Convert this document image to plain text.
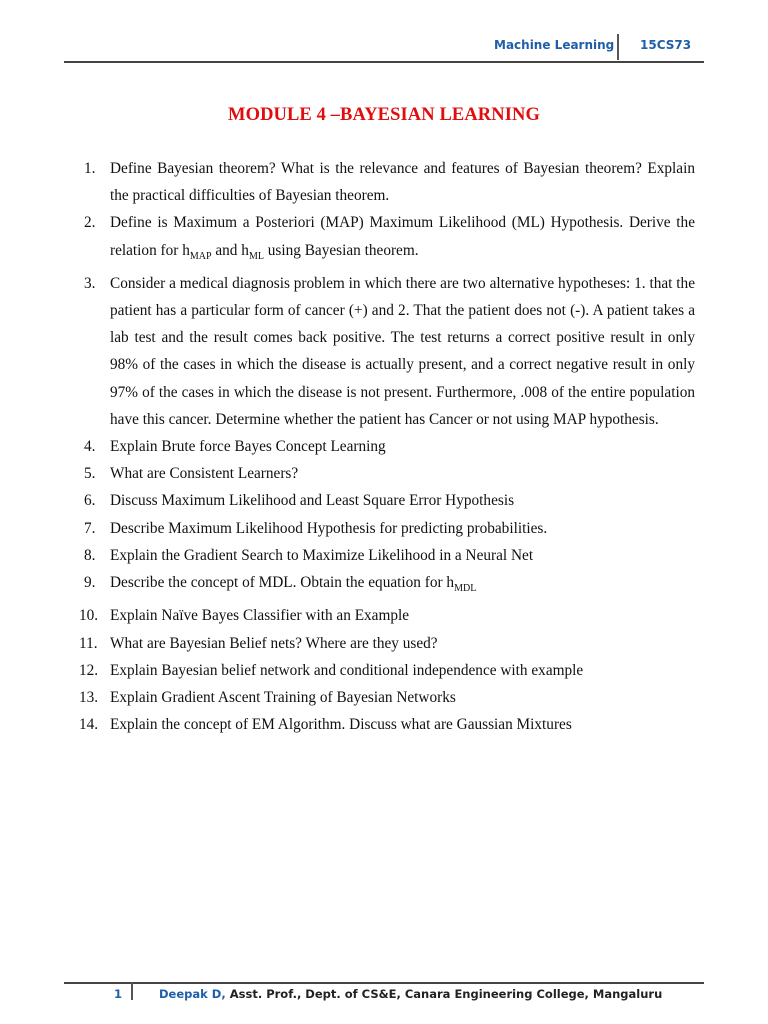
Machine Learning 15CS73
MODULE 4 –BAYESIAN LEARNING
1. Define Bayesian theorem? What is the relevance and features of Bayesian theorem? Explain the practical difficulties of Bayesian theorem.
2. Define is Maximum a Posteriori (MAP) Maximum Likelihood (ML) Hypothesis. Derive the relation for $h_{MAP}$ and $h_{ML}$ using Bayesian theorem.
3. Consider a medical diagnosis problem in which there are two alternative hypotheses: 1. that the patient has a particular form of cancer (+) and 2. That the patient does not (-). A patient takes a lab test and the result comes back positive. The test returns a correct positive result in only 98% of the cases in which the disease is actually present, and a correct negative result in only 97% of the cases in which the disease is not present. Furthermore, .008 of the entire population have this cancer. Determine whether the patient has Cancer or not using MAP hypothesis.
4. Explain Brute force Bayes Concept Learning
5. What are Consistent Learners?
6. Discuss Maximum Likelihood and Least Square Error Hypothesis
7. Describe Maximum Likelihood Hypothesis for predicting probabilities.
8. Explain the Gradient Search to Maximize Likelihood in a Neural Net
9. Describe the concept of MDL. Obtain the equation for $h_{MDL}$
10. Explain Naïve Bayes Classifier with an Example
11. What are Bayesian Belief nets? Where are they used?
12. Explain Bayesian belief network and conditional independence with example
13. Explain Gradient Ascent Training of Bayesian Networks
14. Explain the concept of EM Algorithm. Discuss what are Gaussian Mixtures
1	Deepak D, Asst. Prof., Dept. of CS&E, Canara Engineering College, Mangaluru
